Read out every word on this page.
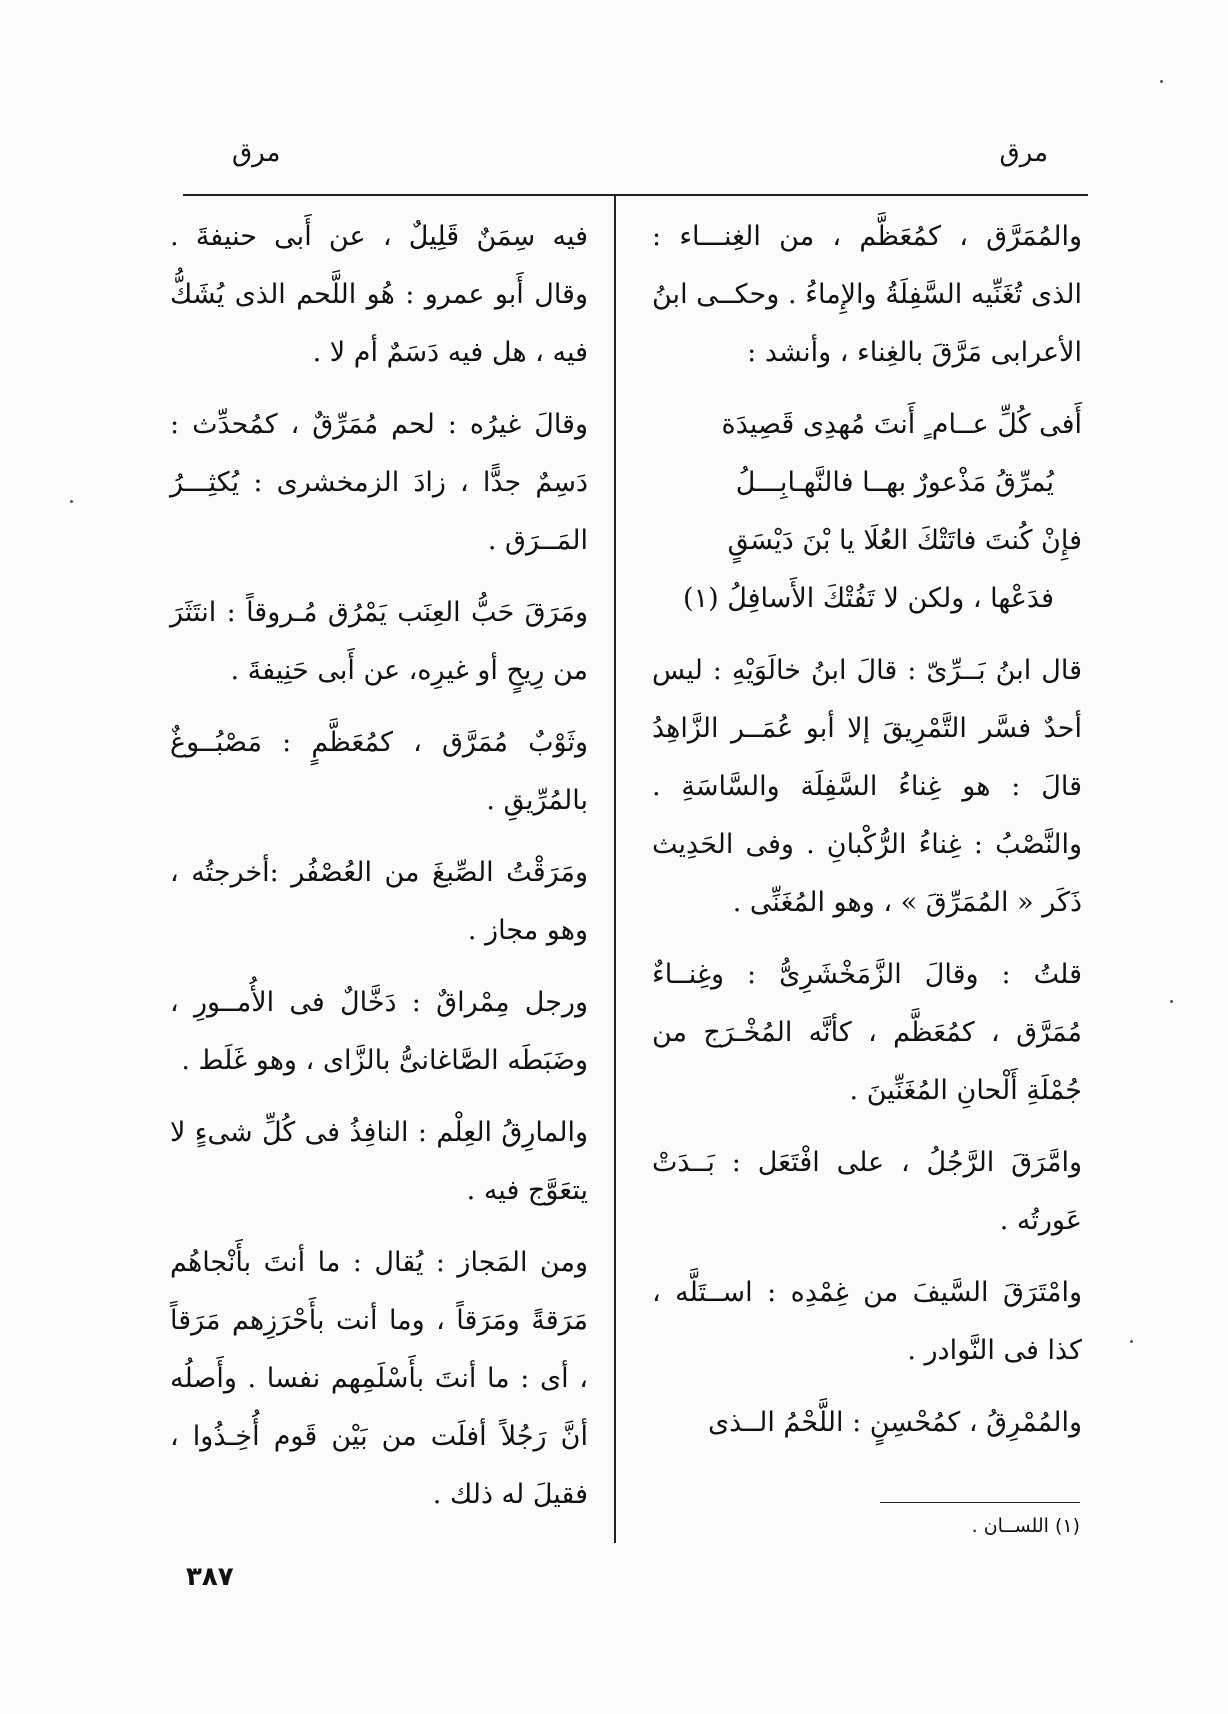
مرق
مرق

والمُمَرَّق ، كمُعَظَّم ، من الغِنـــاء : الذى تُغَنِّيه السَّفِلَةُ والإِماءُ . وحكــى ابنُ الأعرابى مَرَّقَ بالغِناء ، وأنشد :

أَفى كُلِّ عــام ٍ أَنتَ مُهدِى قَصِيدَة
يُمرِّقُ مَذْعورٌ بهــا فالنَّهـابِـــلُ
فإِنْ كُنتَ فاتَتْكَ العُلَا يا بْنَ دَيْسَقٍ
فدَعْها ، ولكن لا تَفُتْكَ الأَسافِلُ (١)

قال ابنُ بَــرِّىّ : قالَ ابنُ خالَوَيْهِ : ليس أحدٌ فسَّر التَّمْرِيقَ إلا أبو عُمَــر الزَّاهِدُ قالَ : هو غِناءُ السَّفِلَة والسَّاسَةِ . والنَّصْبُ : غِناءُ الرُّكْبانِ . وفى الحَدِيث ذَكَر « المُمَرِّقَ » ، وهو المُغَنِّى .

قلتُ : وقالَ الزَّمَخْشَرِىُّ : وغِنــاءٌ مُمَرَّق ، كمُعَظَّم ، كأنَّه المُخْـرَج من جُمْلَةِ أَلْحانِ المُغَنِّينَ .

وامَّرَقَ الرَّجُلُ ، على افْتَعَل : بَــدَتْ عَورتُه .

وامْتَرَقَ السَّيفَ من غِمْدِه : اســتَلَّه ، كذا فى النَّوادر .

والمُمْرِقُ ، كمُحْسِنٍ : اللَّحْمُ الــذى

فيه سِمَنٌ قَلِيلٌ ، عن أَبى حنيفةَ . وقال أَبو عمرو : هُو اللَّحم الذى يُشَكُّ فيه ، هل فيه دَسَمٌ أم لا .

وقالَ غيرُه : لحم مُمَرِّقٌ ، كمُحدِّث : دَسِمٌ جدًّا ، زادَ الزمخشرى : يُكثِـــرُ المَــرَق .

ومَرَقَ حَبُّ العِنَب يَمْرُق مُـروقاً : انتَثَرَ من رِيحٍ أو غيرِه، عن أَبى حَنِيفةَ .

وثَوْبٌ مُمَرَّق ، كمُعَظَّمٍ : مَصْبُــوغٌ بالمُرِّيقِ .

ومَرَقْتُ الصِّبغَ من العُصْفُر :أخرجتُه ، وهو مجاز .

ورجل مِمْراقٌ : دَخَّالٌ فى الأُمــورِ ، وضَبَطَه الصَّاغانىُّ بالزَّاى ، وهو غَلَط .

والمارِقُ العِلْم : النافِذُ فى كُلِّ شىءٍ لا يتعَوَّج فيه .

ومن المَجاز : يُقال : ما أنتَ بأَنْجاهُم مَرَقةً ومَرَقاً ، وما أنت بأَحْرَزِهم مَرَقاً ، أى : ما أنتَ بأَسْلَمِهم نفسا . وأَصلُه أنَّ رَجُلاً أفلَت من بَيْن قَوم أُخِـذُوا ، فقيلَ له ذلك .

(١) اللســان .
٣٨٧
